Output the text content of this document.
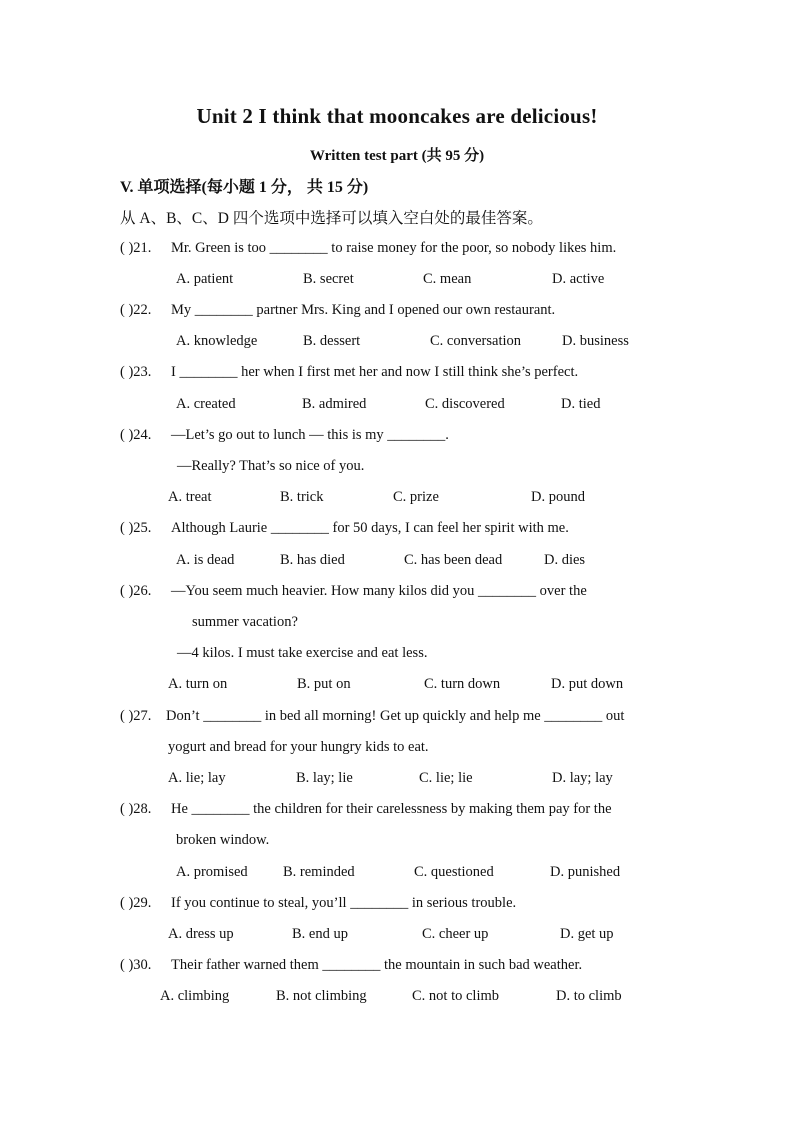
Unit 2 I think that mooncakes are delicious!
Written test part (共 95 分)
V. 单项选择(每小题 1 分， 共 15 分)
从 A、B、C、D 四个选项中选择可以填入空白处的最佳答案。
( )21. Mr. Green is too ________ to raise money for the poor, so nobody likes him.
A. patient	B. secret	C. mean	D. active
( )22. My ________ partner Mrs. King and I opened our own restaurant.
A. knowledge	B. dessert	C. conversation	D. business
( )23. I ________ her when I first met her and now I still think she’s perfect.
A. created	B. admired	C. discovered	D. tied
( )24. —Let’s go out to lunch — this is my ________.
—Really? That’s so nice of you.
A. treat	B. trick	C. prize	D. pound
( )25. Although Laurie ________ for 50 days, I can feel her spirit with me.
A. is dead	B. has died	C. has been dead	D. dies
( )26. —You seem much heavier. How many kilos did you ________ over the
summer vacation?
—4 kilos. I must take exercise and eat less.
A. turn on	B. put on	C. turn down	D. put down
( )27. Don’t ________ in bed all morning! Get up quickly and help me ________ out
yogurt and bread for your hungry kids to eat.
A. lie; lay	B. lay; lie	C. lie; lie	D. lay; lay
( )28. He ________ the children for their carelessness by making them pay for the
broken window.
A. promised B. reminded	C. questioned	D. punished
( )29. If you continue to steal, you’ll ________ in serious trouble.
A. dress up	B. end up	C. cheer up	D. get up
( )30. Their father warned them ________ the mountain in such bad weather.
A. climbing	B. not climbing	C. not to climb	D. to climb
